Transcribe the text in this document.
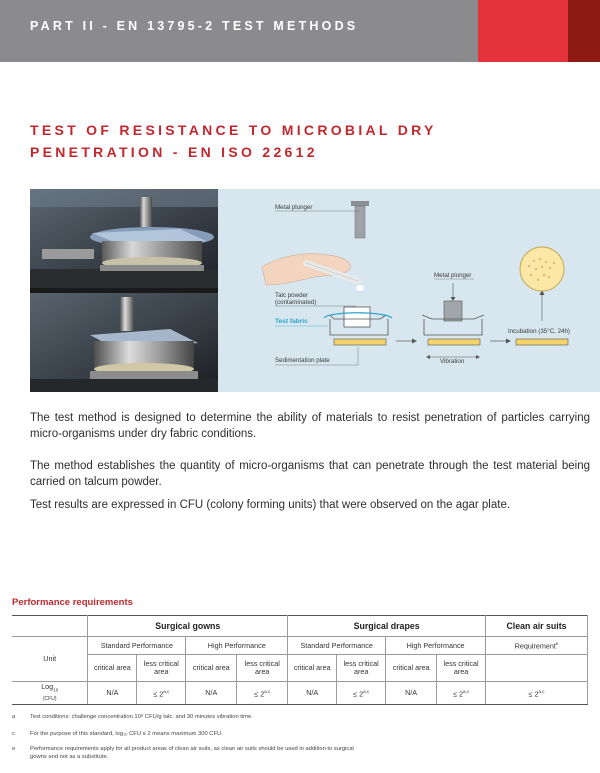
PART II - EN 13795-2 TEST METHODS
TEST OF RESISTANCE TO MICROBIAL DRY
PENETRATION - EN ISO 22612
Metal plunger
Talc powder
(contaminated)
Test fabric
Sedimentation plate
Metal plunger
Vibration
Incubation (35°C, 24h)
The test method is designed to determine the ability of materials to resist penetration of particles carrying micro-organisms under dry fabric conditions.
The method establishes the quantity of micro-organisms that can penetrate through the test material being carried on talcum powder.
Test results are expressed in CFU (colony forming units) that were observed on the agar plate.
Performance requirements
	Surgical gowns				Surgical drapes				Clean air suits
Unit	Standard Performance		High Performance		Standard Performance		High Performance		Requirement$^e$
	critical area	less critical area	critical area	less critical area	critical area	less critical area	critical area	less critical area	
Log$_{10}$
(CFU)	N/A	≤ $2^{a,c}$	N/A	≤ $2^{a,c}$	N/A	≤ $2^{a,c}$	N/A	≤ $2^{a,c}$	≤ $2^{a,c}$
a	Test conditions: challenge concentration 10⁸ CFU/g talc. and 30 minutes vibration time.
c	For the purpose of this standard, log₁₀ CFU ≤ 2 means maximum 300 CFU.
e	Performance requirements apply for all product areas of clean air suits, as clean air suits should be used in addition to surgical gowns and not as a substitute.
